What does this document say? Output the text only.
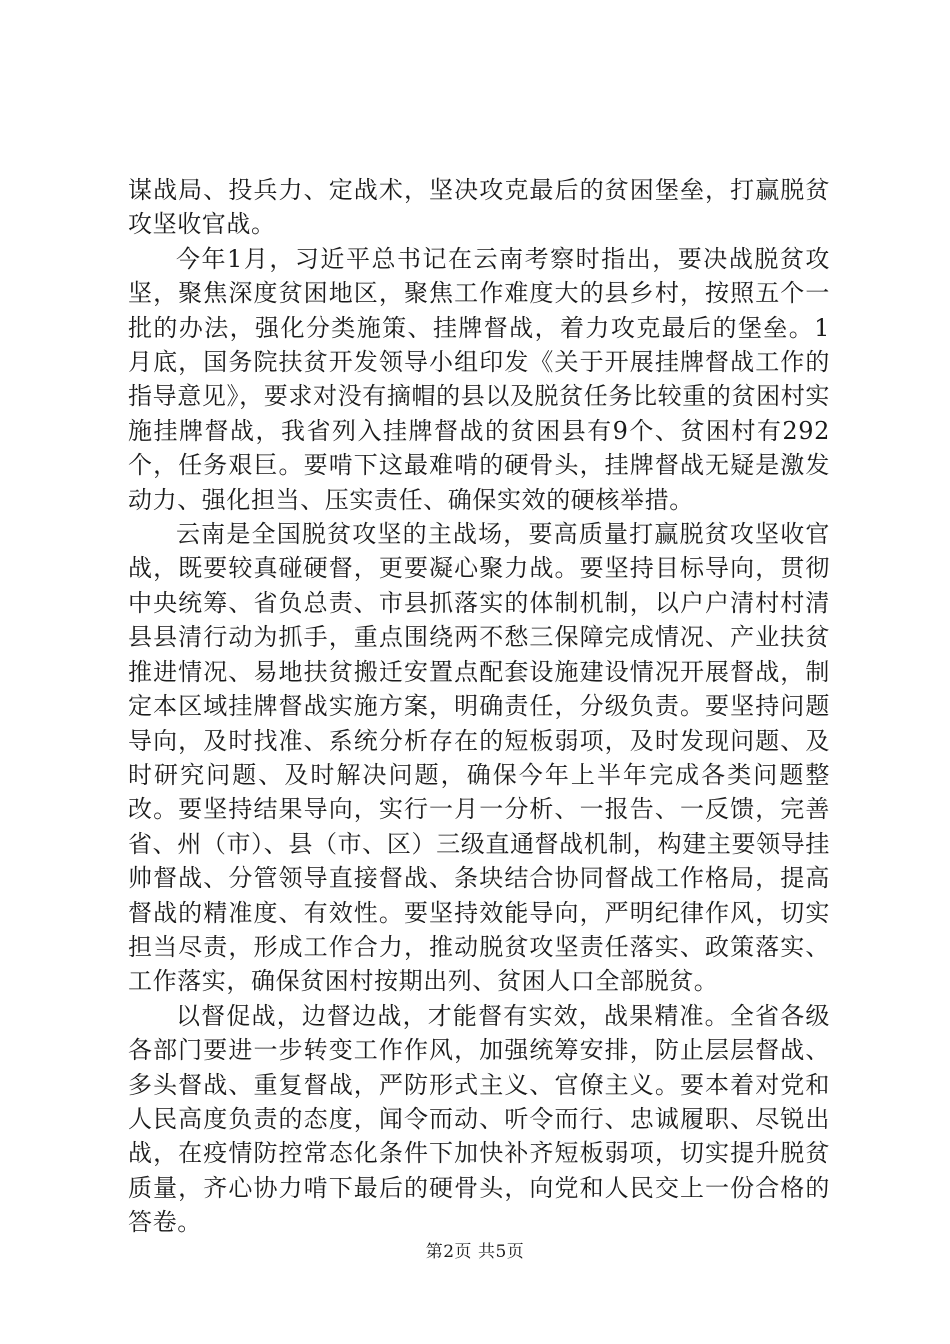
谋战局、投兵力、定战术，坚决攻克最后的贫困堡垒，打赢脱贫攻坚收官战。

今年1月，习近平总书记在云南考察时指出，要决战脱贫攻坚，聚焦深度贫困地区，聚焦工作难度大的县乡村，按照五个一批的办法，强化分类施策、挂牌督战，着力攻克最后的堡垒。1月底，国务院扶贫开发领导小组印发《关于开展挂牌督战工作的指导意见》，要求对没有摘帽的县以及脱贫任务比较重的贫困村实施挂牌督战，我省列入挂牌督战的贫困县有9个、贫困村有292个，任务艰巨。要啃下这最难啃的硬骨头，挂牌督战无疑是激发动力、强化担当、压实责任、确保实效的硬核举措。

云南是全国脱贫攻坚的主战场，要高质量打赢脱贫攻坚收官战，既要较真碰硬督，更要凝心聚力战。要坚持目标导向，贯彻中央统筹、省负总责、市县抓落实的体制机制，以户户清村村清县县清行动为抓手，重点围绕两不愁三保障完成情况、产业扶贫推进情况、易地扶贫搬迁安置点配套设施建设情况开展督战，制定本区域挂牌督战实施方案，明确责任，分级负责。要坚持问题导向，及时找准、系统分析存在的短板弱项，及时发现问题、及时研究问题、及时解决问题，确保今年上半年完成各类问题整改。要坚持结果导向，实行一月一分析、一报告、一反馈，完善省、州（市）、县（市、区）三级直通督战机制，构建主要领导挂帅督战、分管领导直接督战、条块结合协同督战工作格局，提高督战的精准度、有效性。要坚持效能导向，严明纪律作风，切实担当尽责，形成工作合力，推动脱贫攻坚责任落实、政策落实、工作落实，确保贫困村按期出列、贫困人口全部脱贫。

以督促战，边督边战，才能督有实效，战果精准。全省各级各部门要进一步转变工作作风，加强统筹安排，防止层层督战、多头督战、重复督战，严防形式主义、官僚主义。要本着对党和人民高度负责的态度，闻令而动、听令而行、忠诚履职、尽锐出战，在疫情防控常态化条件下加快补齐短板弱项，切实提升脱贫质量，齐心协力啃下最后的硬骨头，向党和人民交上一份合格的答卷。

第2页 共5页
